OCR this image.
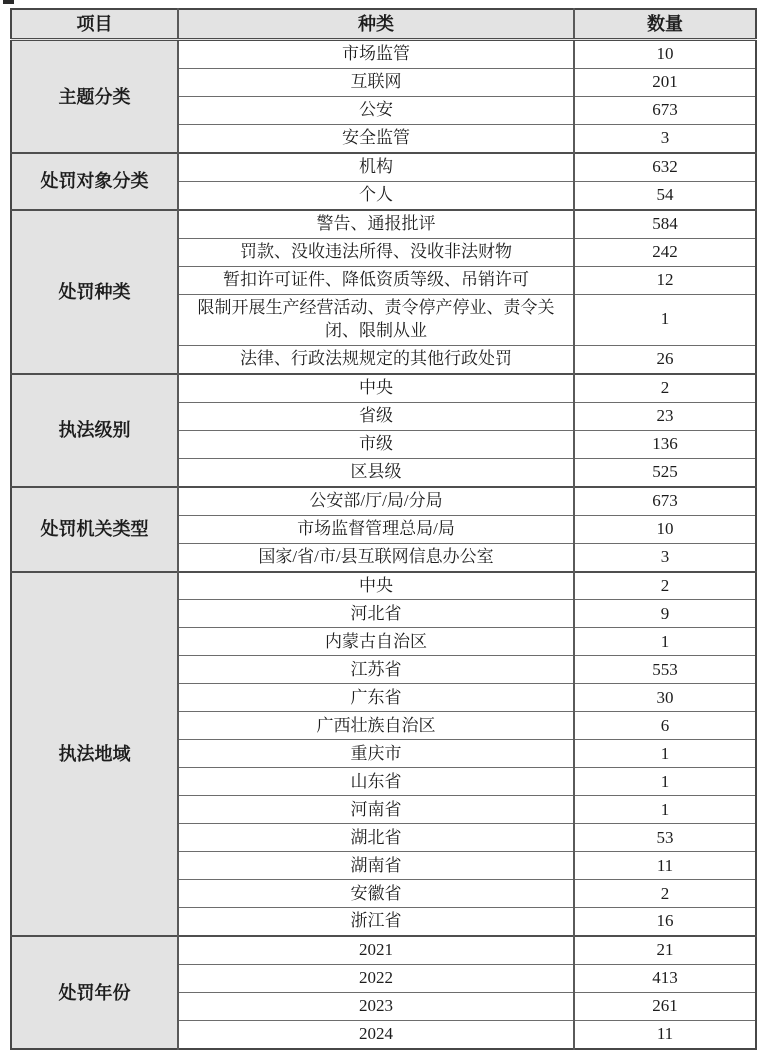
项目	种类	数量
主题分类	市场监管	10
	互联网	201
	公安	673
	安全监管	3
处罚对象分类	机构	632
	个人	54
处罚种类	警告、通报批评	584
	罚款、没收违法所得、没收非法财物	242
	暂扣许可证件、降低资质等级、吊销许可	12
	限制开展生产经营活动、责令停产停业、责令关闭、限制从业	1
	法律、行政法规规定的其他行政处罚	26
执法级别	中央	2
	省级	23
	市级	136
	区县级	525
处罚机关类型	公安部/厅/局/分局	673
	市场监督管理总局/局	10
	国家/省/市/县互联网信息办公室	3
执法地域	中央	2
	河北省	9
	内蒙古自治区	1
	江苏省	553
	广东省	30
	广西壮族自治区	6
	重庆市	1
	山东省	1
	河南省	1
	湖北省	53
	湖南省	11
	安徽省	2
	浙江省	16
处罚年份	2021	21
	2022	413
	2023	261
	2024	11
